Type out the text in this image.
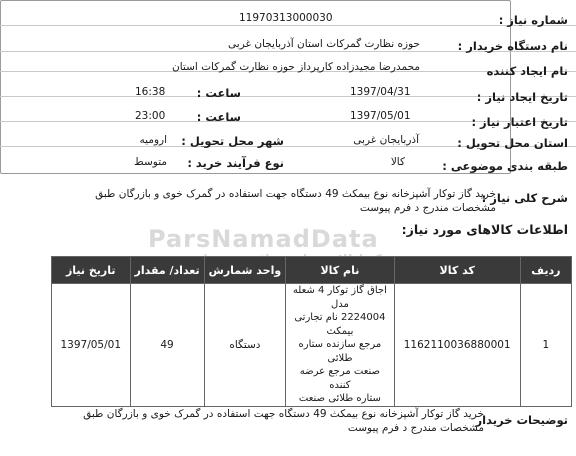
شماره نیاز :
11970313000030
نام دستگاه خریدار :
حوزه نظارت گمرکات استان آذربایجان غربی
نام ایجاد کننده
محمدرضا مجیدزاده کارپرداز حوزه نظارت گمرکات استان
تاریخ ایجاد نیاز :
1397/04/31
ساعت :
16:38
تاریخ اعتبار نیاز :
1397/05/01
ساعت :
23:00
استان محل تحویل :
آذربایجان غربی
شهر محل تحویل :
ارومیه
طبقه بندی موضوعی :
کالا
نوع فرآیند خرید :
متوسط
ParsNamadData
شرح کلی نیاز :
خرید گاز توکار آشپزخانه نوع بیمکث 49 دستگاه جهت استفاده در گمرک خوی و بازرگان طبق
مشخصات مندرج د فرم پیوست
اطلاعات کالاهای مورد نیاز:
ردیف	کد کالا	نام کالا	واحد شمارش	تعداد/ مقدار	تاریخ نیاز
1	1162110036880001	اجاق گاز توکار 4 شعله مدل
2224004 نام تجارتی بیمکث
مرجع سازنده ستاره طلائی
صنعت مرجع عرضه کننده
ستاره طلائی صنعت	دستگاه	49	1397/05/01
توضیحات خریدار
خرید گاز توکار آشپزخانه نوع بیمکث 49 دستگاه جهت استفاده در گمرک خوی و بازرگان طبق
مشخصات مندرج د فرم پیوست
